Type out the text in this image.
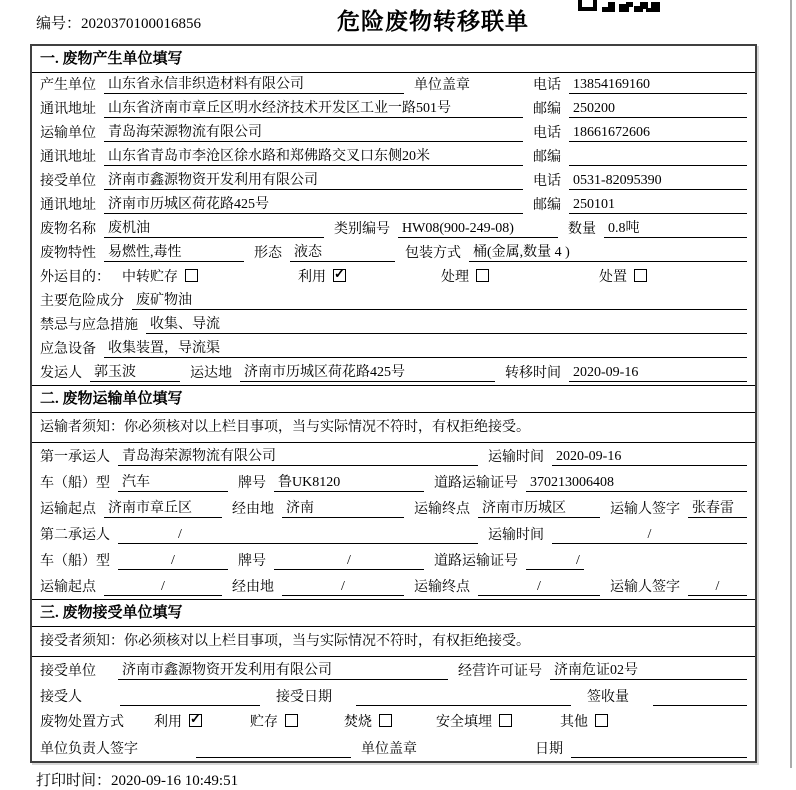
编号：2020370100016856	危险废物转移联单
一. 废物产生单位填写
产生单位 山东省永信非织造材料有限公司	单位盖章	电话 13854169160
通讯地址 山东省济南市章丘区明水经济技术开发区工业一路501号	邮编 250200
运输单位 青岛海荣源物流有限公司	电话 18661672606
通讯地址 山东省青岛市李沧区徐水路和郑佛路交叉口东侧20米	邮编
接受单位 济南市鑫源物资开发利用有限公司	电话 0531-82095390
通讯地址 济南市历城区荷花路425号	邮编 250101
废物名称 废机油	类别编号 HW08(900-249-08)	数量 0.8吨
废物特性 易燃性,毒性	形态 液态	包装方式 桶(金属,数量 4 )
外运目的： 中转贮存	利用 ✓	处理	处置
主要危险成分 废矿物油
禁忌与应急措施 收集、导流
应急设备 收集装置，导流渠
发运人 郭玉波	运达地 济南市历城区荷花路425号	转移时间 2020-09-16
二. 废物运输单位填写
运输者须知：你必须核对以上栏目事项，当与实际情况不符时，有权拒绝接受。
第一承运人 青岛海荣源物流有限公司	运输时间 2020-09-16
车（船）型 汽车	牌号 鲁UK8120	道路运输证号 370213006408
运输起点 济南市章丘区	经由地 济南	运输终点 济南市历城区	运输人签字 张春雷
第二承运人	/	运输时间	/
车（船）型	/	牌号	/	道路运输证号	/
运输起点	/	经由地	/	运输终点	/	运输人签字	/
三. 废物接受单位填写
接受者须知：你必须核对以上栏目事项，当与实际情况不符时，有权拒绝接受。
接受单位 济南市鑫源物资开发利用有限公司	经营许可证号 济南危证02号
接受人	接受日期	签收量
废物处置方式 利用 ✓	贮存	焚烧	安全填埋	其他
单位负责人签字	单位盖章	日期
打印时间：2020-09-16 10:49:51
